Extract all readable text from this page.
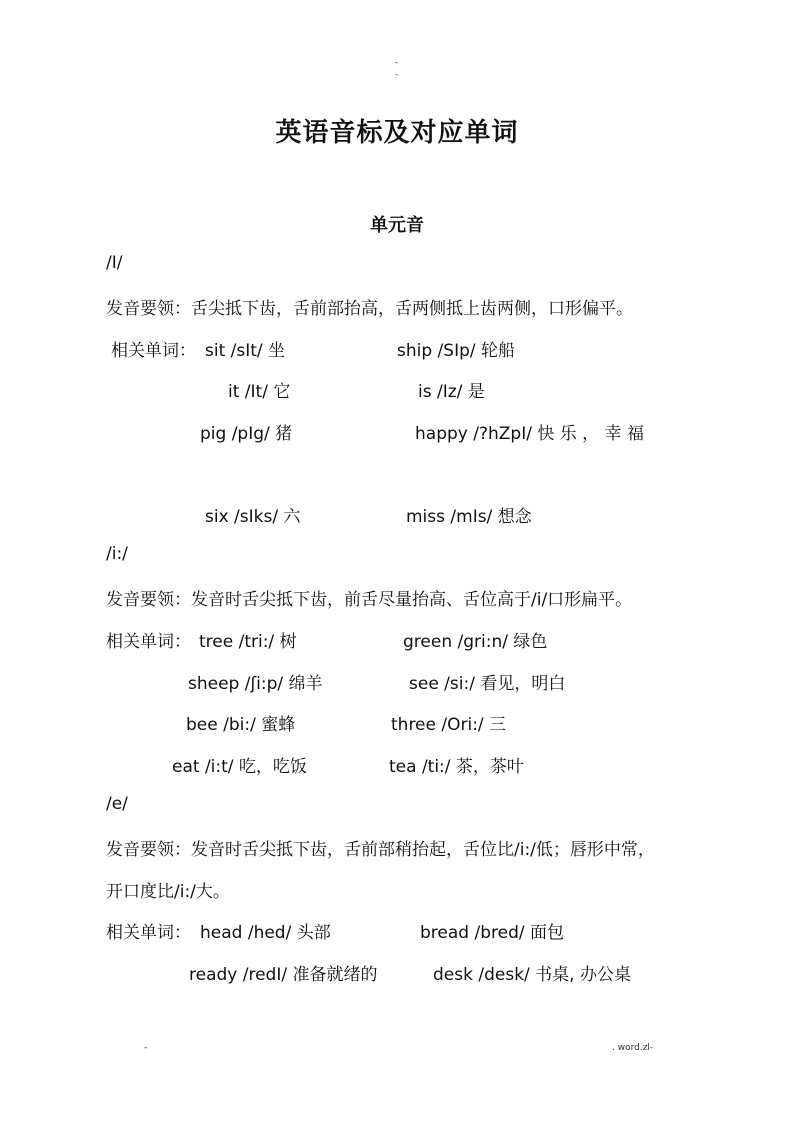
-
-
英语音标及对应单词
单元音
/I/
发音要领：舌尖抵下齿，舌前部抬高，舌两侧抵上齿两侧，口形偏平。
相关单词： sit /sIt/ 坐	ship /SIp/ 轮船
it /It/ 它	is /Iz/ 是
pig /pIg/ 猪	happy /?hZpI/ 快 乐 ， 幸 福
six /sIks/ 六	miss /mIs/ 想念
/i:/
发音要领：发音时舌尖抵下齿，前舌尽量抬高、舌位高于/i/口形扁平。
相关单词： tree /tri:/ 树	green /gri:n/ 绿色
sheep /ʃi:p/ 绵羊	see /si:/ 看见，明白
bee /bi:/ 蜜蜂	three /Ori:/ 三
eat /i:t/ 吃，吃饭	tea /ti:/ 茶，茶叶
/e/
发音要领：发音时舌尖抵下齿，舌前部稍抬起，舌位比/i:/低；唇形中常，
开口度比/i:/大。
相关单词： head /hed/ 头部	bread /bred/ 面包
ready /redI/ 准备就绪的	desk /desk/ 书桌, 办公桌
-	. word.zl-
